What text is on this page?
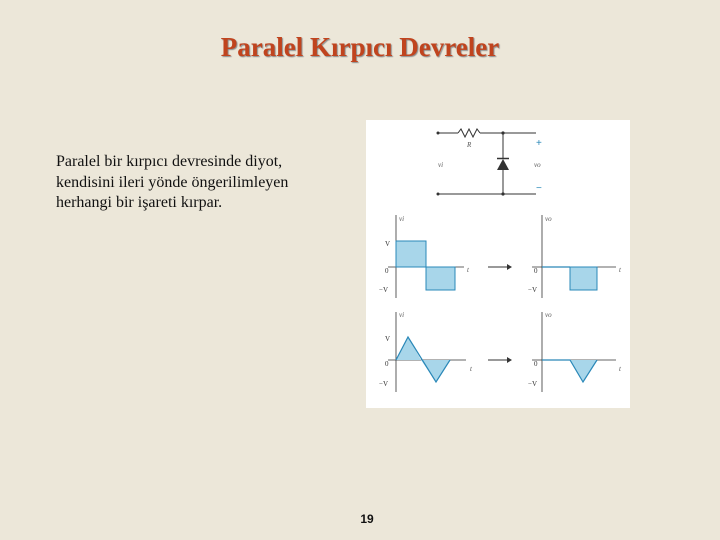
Paralel Kırpıcı Devreler

Paralel bir kırpıcı devresinde diyot, kendisini ileri yönde öngerilimleyen herhangi bir işareti kırpar.

R
vi	vo
+
−
vi
V
0
−V
t
vo
0
−V
t
vi
V
0
−V
t
vo
0
−V
t
19
